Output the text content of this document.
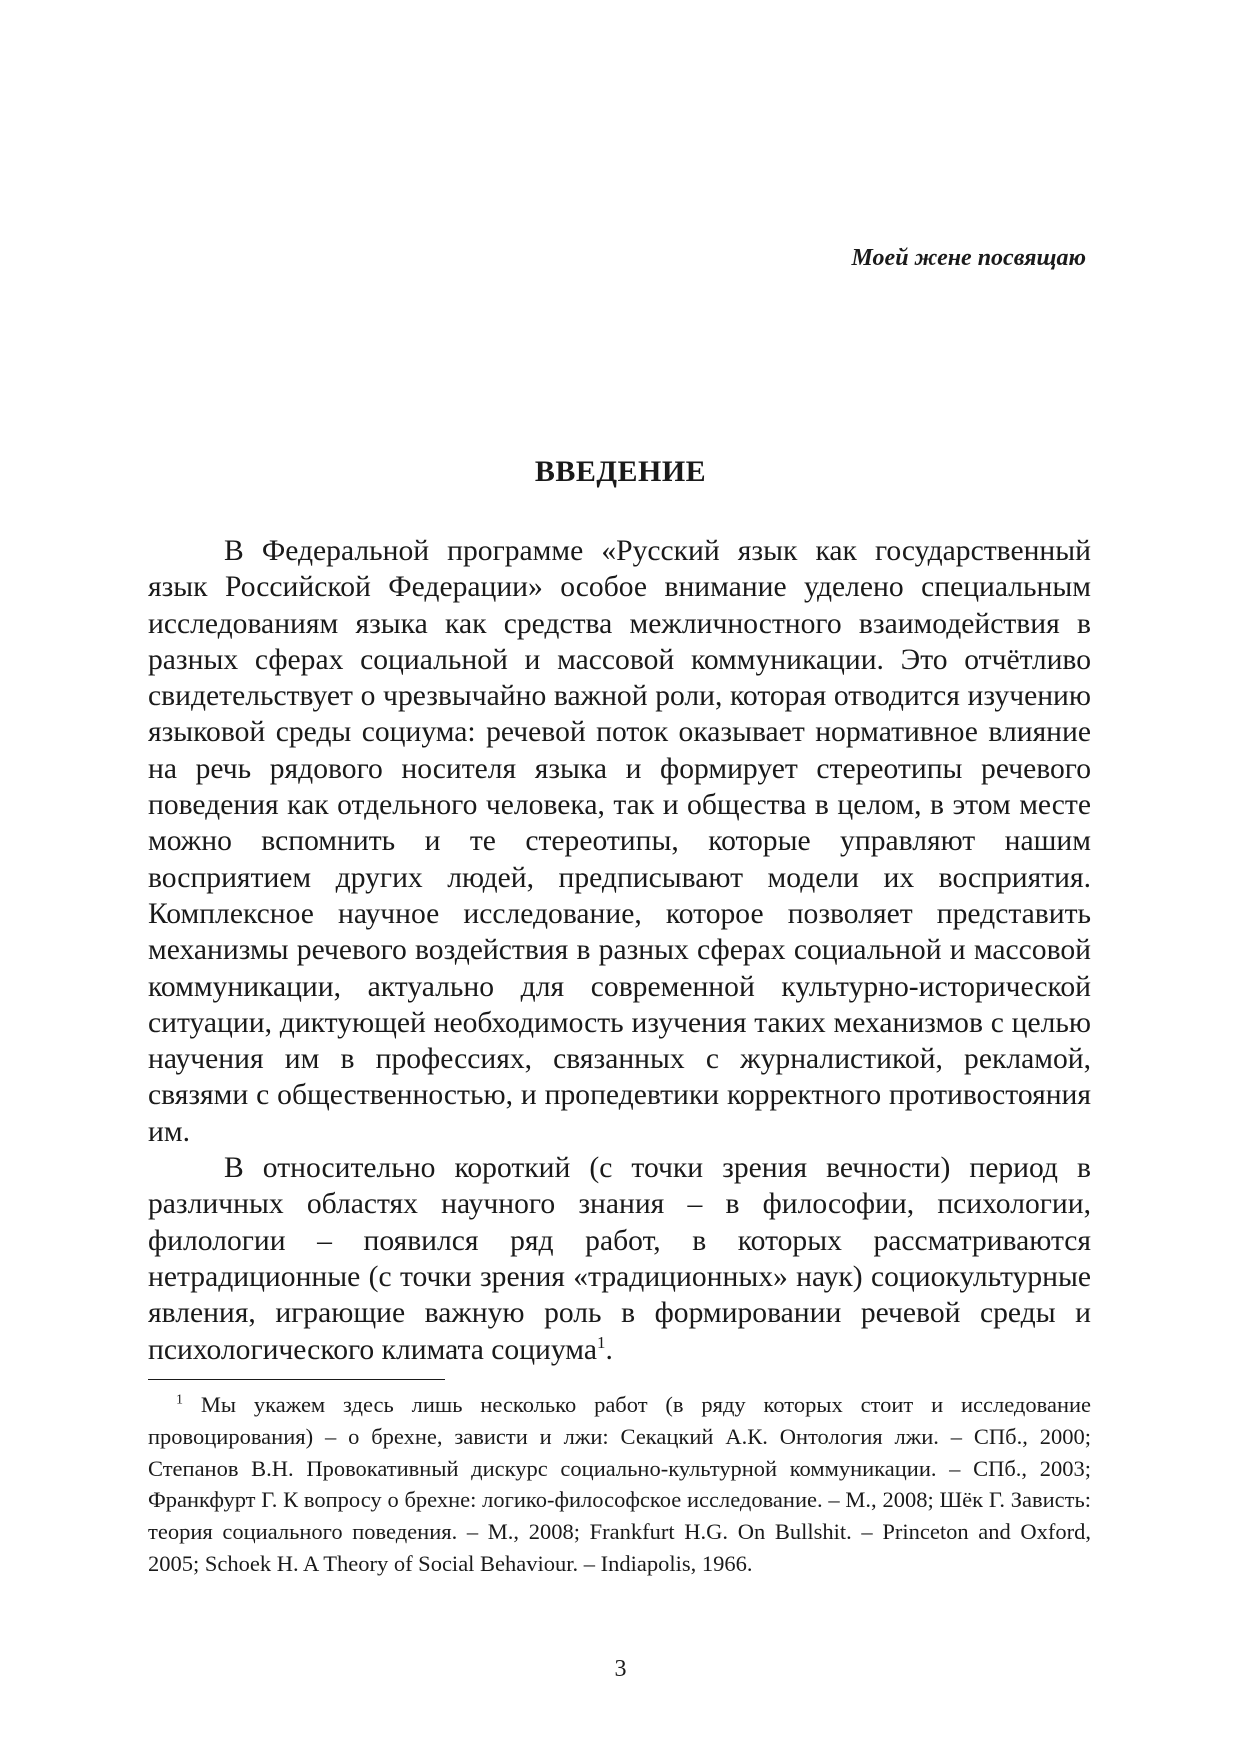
Моей жене посвящаю

ВВЕДЕНИЕ

В Федеральной программе «Русский язык как государственный язык Российской Федерации» особое внимание уделено специальным исследованиям языка как средства межличностного взаимодействия в разных сферах социальной и массовой коммуникации. Это отчётливо свидетельствует о чрезвычайно важной роли, которая отводится изучению языковой среды социума: речевой поток оказывает нормативное влияние на речь рядового носителя языка и формирует стереотипы речевого поведения как отдельного человека, так и общества в целом, в этом месте можно вспомнить и те стереотипы, которые управляют нашим восприятием других людей, предписывают модели их восприятия. Комплексное научное исследование, которое позволяет представить механизмы речевого воздействия в разных сферах социальной и массовой коммуникации, актуально для современной культурно-исторической ситуации, диктующей необходимость изучения таких механизмов с целью научения им в профессиях, связанных с журналистикой, рекламой, связями с общественностью, и пропедевтики корректного противостояния им.

В относительно короткий (с точки зрения вечности) период в различных областях научного знания – в философии, психологии, филологии – появился ряд работ, в которых рассматриваются нетрадиционные (с точки зрения «традиционных» наук) социокультурные явления, играющие важную роль в формировании речевой среды и психологического климата социума$^1$.

$^1$ Мы укажем здесь лишь несколько работ (в ряду которых стоит и исследование провоцирования) – о брехне, зависти и лжи: Секацкий А.К. Онтология лжи. – СПб., 2000; Степанов В.Н. Провокативный дискурс социально-культурной коммуникации. – СПб., 2003; Франкфурт Г. К вопросу о брехне: логико-философское исследование. – М., 2008; Шёк Г. Зависть: теория социального поведения. – М., 2008; Frankfurt H.G. On Bullshit. – Princeton and Oxford, 2005; Schoek H. A Theory of Social Behaviour. – Indiapolis, 1966.

3
